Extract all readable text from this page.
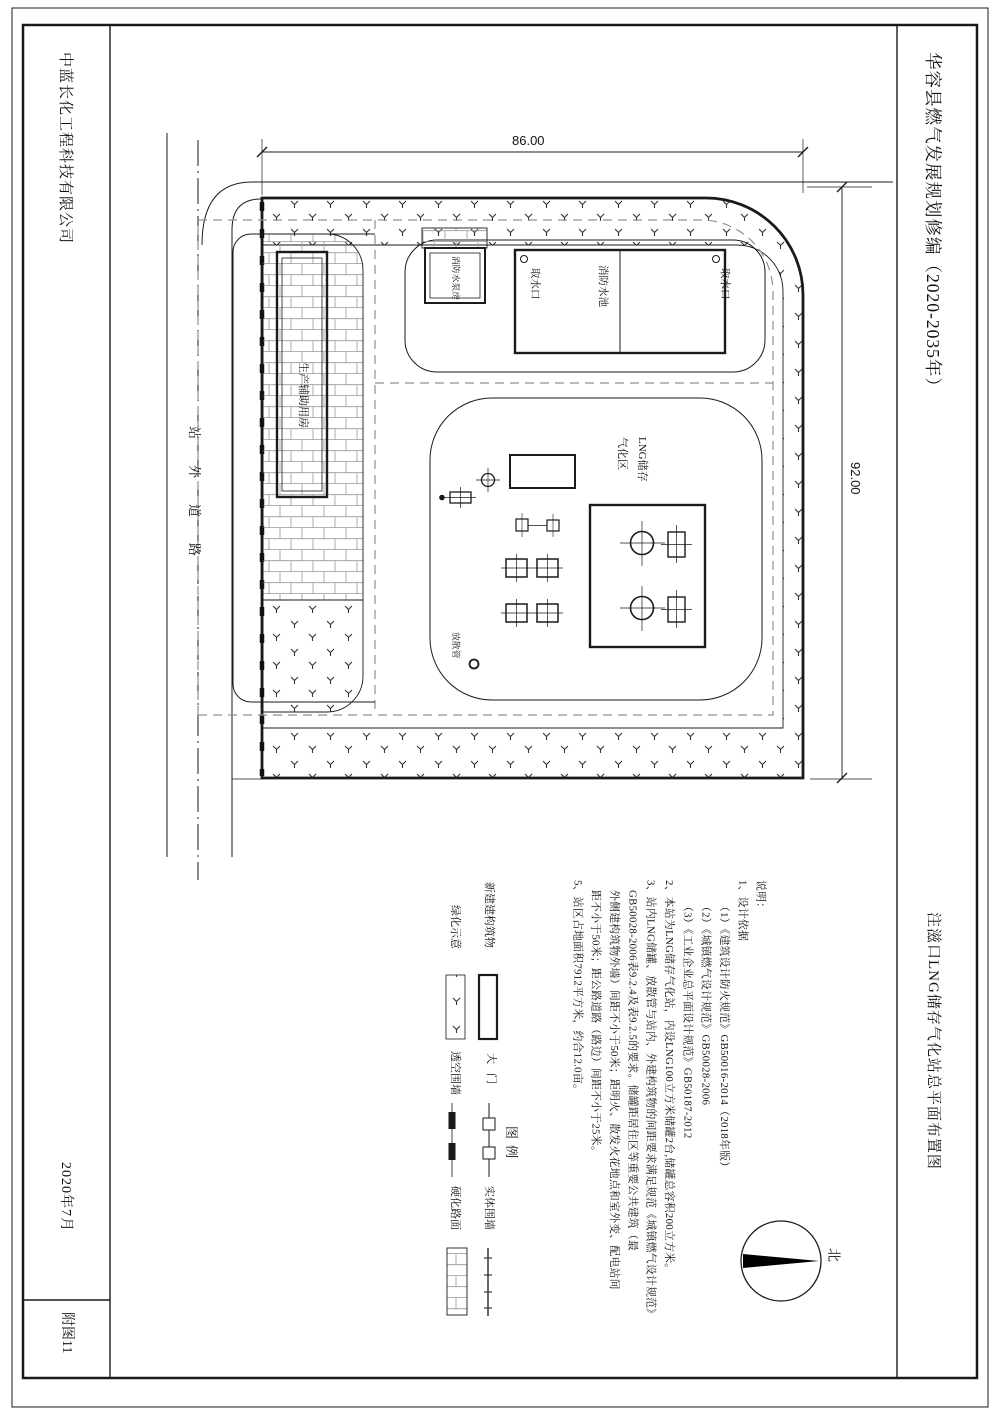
华容县燃气发展规划修编（2020-2035年）
注滋口LNG储存气化站总平面布置图
中蓝长化工程科技有限公司
2020年7月
附图11
86.00
92.00
站外道路
生产辅助用房
消防水泵房	取水口	消防水池	取水口
LNG储存
气化区
放散管
北
图例
新建建构筑物
绿化示意
大门
透空围墙
实体围墙
硬化路面
说明：
1、设计依据
（1）《建筑设计防火规范》GB50016-2014（2018年版）
（2）《城镇燃气设计规范》GB50028-2006
（3）《工业企业总平面设计规范》GB50187-2012
2、本站为LNG储存气化站，内设LNG100立方米储罐2台,储罐总容积200立方米。
3、站内LNG储罐、放散管与站内、外建构筑物的间距要求满足规范《城镇燃气设计规范》
GB50028-2006表9.2.4及表9.2.5的要求。储罐距居住区等重要公共建筑（最
外侧建构筑物外墙）间距不小于50米；距明火、散发火花地点和室外变、配电站间
距不小于50米；距公路道路（路边）间距不小于25米。
5、站区占地面积7912平方米，约合12.0亩。
